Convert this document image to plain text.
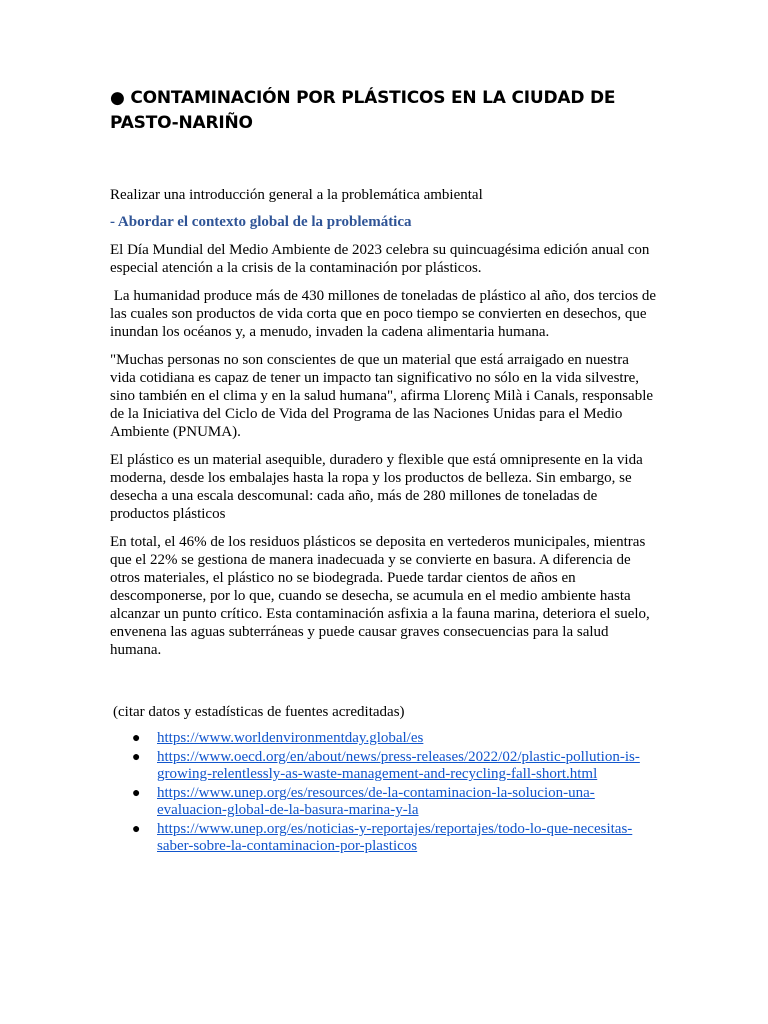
● CONTAMINACIÓN POR PLÁSTICOS EN LA CIUDAD DE PASTO-NARIÑO

Realizar una introducción general a la problemática ambiental

- Abordar el contexto global de la problemática

El Día Mundial del Medio Ambiente de 2023 celebra su quincuagésima edición anual con especial atención a la crisis de la contaminación por plásticos.

La humanidad produce más de 430 millones de toneladas de plástico al año, dos tercios de las cuales son productos de vida corta que en poco tiempo se convierten en desechos, que inundan los océanos y, a menudo, invaden la cadena alimentaria humana.

"Muchas personas no son conscientes de que un material que está arraigado en nuestra vida cotidiana es capaz de tener un impacto tan significativo no sólo en la vida silvestre, sino también en el clima y en la salud humana", afirma Llorenç Milà i Canals, responsable de la Iniciativa del Ciclo de Vida del Programa de las Naciones Unidas para el Medio Ambiente (PNUMA).

El plástico es un material asequible, duradero y flexible que está omnipresente en la vida moderna, desde los embalajes hasta la ropa y los productos de belleza. Sin embargo, se desecha a una escala descomunal: cada año, más de 280 millones de toneladas de productos plásticos

En total, el 46% de los residuos plásticos se deposita en vertederos municipales, mientras que el 22% se gestiona de manera inadecuada y se convierte en basura. A diferencia de otros materiales, el plástico no se biodegrada. Puede tardar cientos de años en descomponerse, por lo que, cuando se desecha, se acumula en el medio ambiente hasta alcanzar un punto crítico. Esta contaminación asfixia a la fauna marina, deteriora el suelo, envenena las aguas subterráneas y puede causar graves consecuencias para la salud humana.

(citar datos y estadísticas de fuentes acreditadas)

● https://www.worldenvironmentday.global/es
● https://www.oecd.org/en/about/news/press-releases/2022/02/plastic-pollution-is-growing-relentlessly-as-waste-management-and-recycling-fall-short.html
● https://www.unep.org/es/resources/de-la-contaminacion-la-solucion-una-evaluacion-global-de-la-basura-marina-y-la
● https://www.unep.org/es/noticias-y-reportajes/reportajes/todo-lo-que-necesitas-saber-sobre-la-contaminacion-por-plasticos
